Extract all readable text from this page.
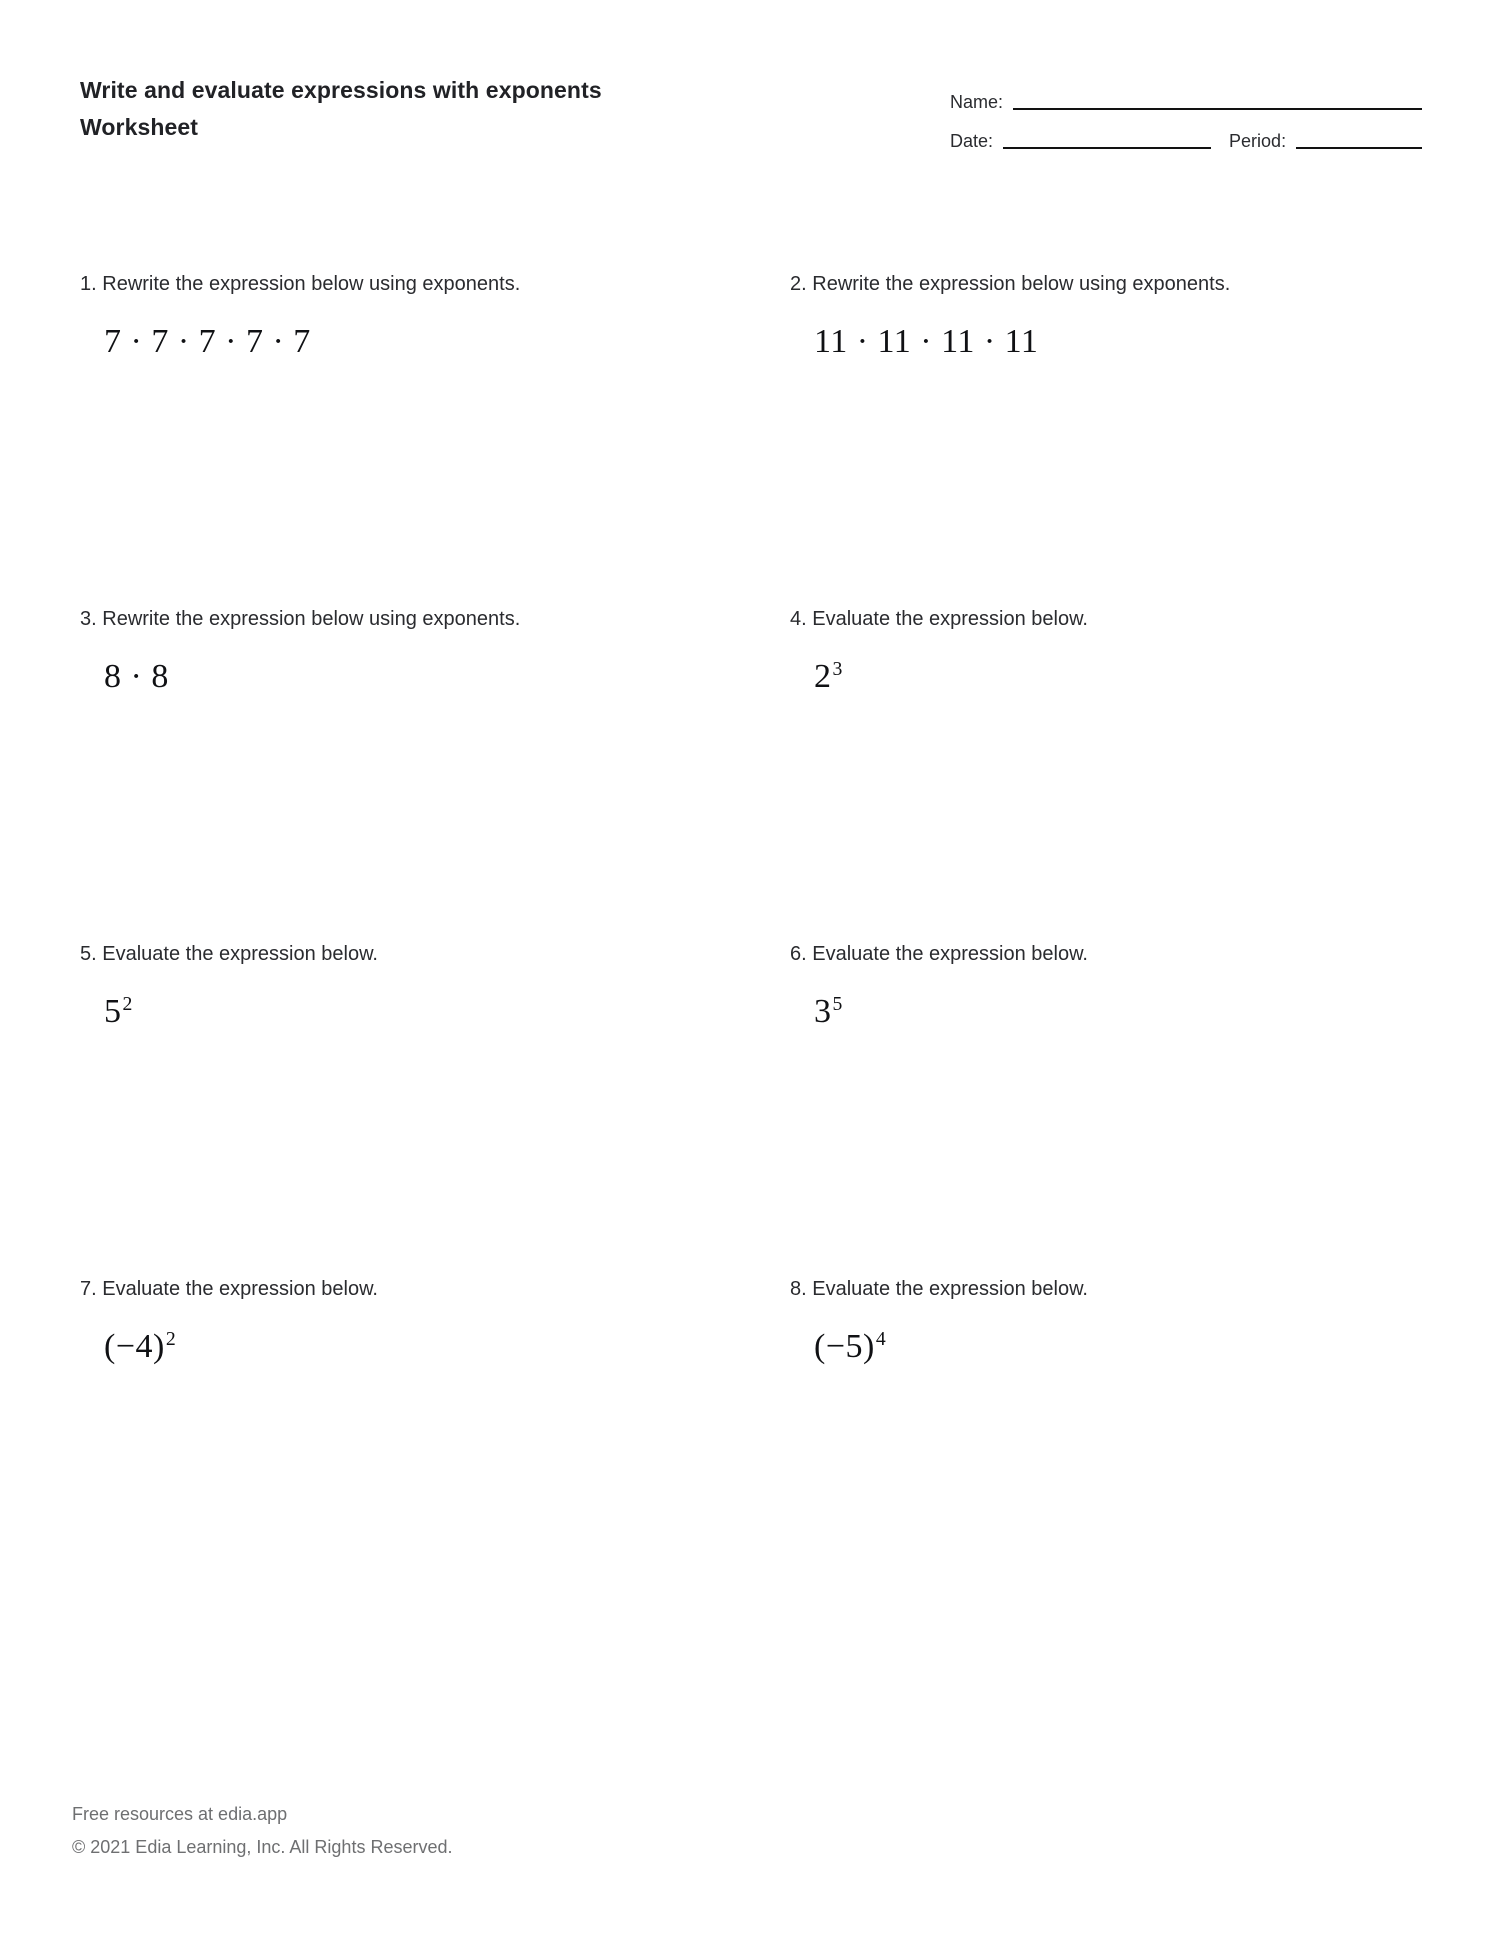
Write and evaluate expressions with exponents
Worksheet
Name:
Date:	Period:
1. Rewrite the expression below using exponents.
7 · 7 · 7 · 7 · 7
2. Rewrite the expression below using exponents.
11 · 11 · 11 · 11
3. Rewrite the expression below using exponents.
8 · 8
4. Evaluate the expression below.
$2^3$
5. Evaluate the expression below.
$5^2$
6. Evaluate the expression below.
$3^5$
7. Evaluate the expression below.
$(-4)^2$
8. Evaluate the expression below.
$(-5)^4$
Free resources at edia.app
© 2021 Edia Learning, Inc. All Rights Reserved.
